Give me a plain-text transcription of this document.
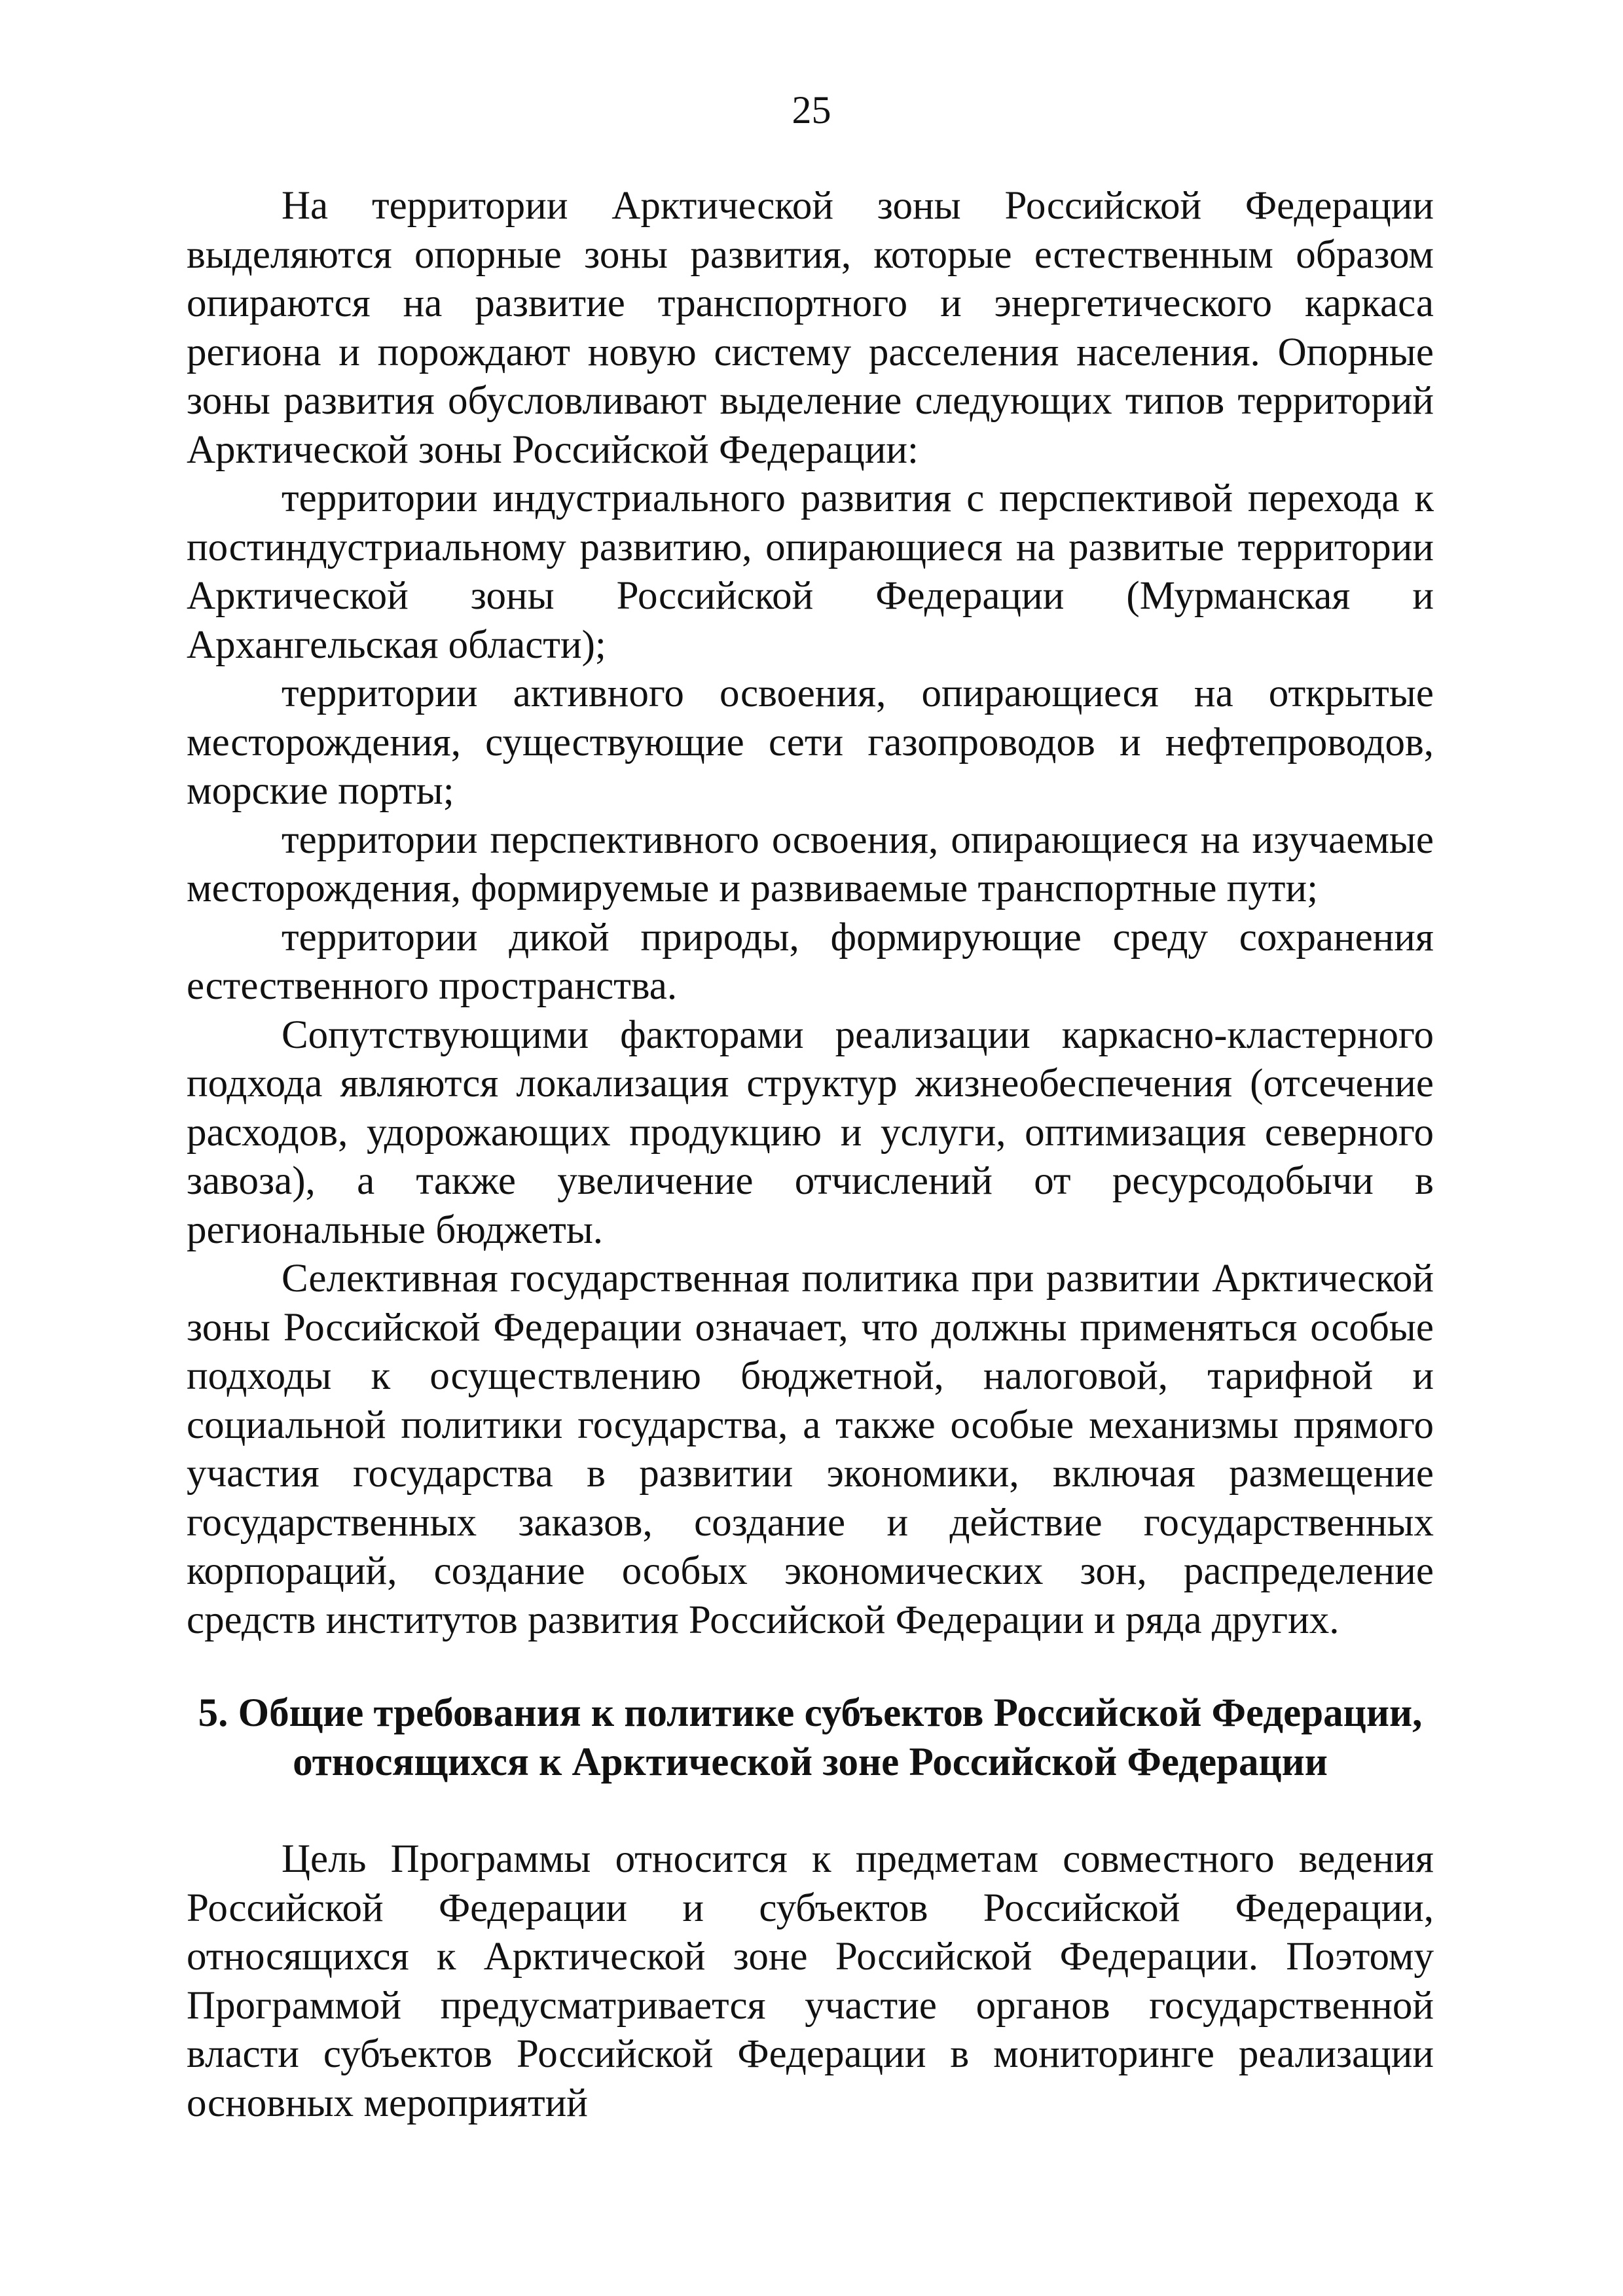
25

На территории Арктической зоны Российской Федерации выделяются опорные зоны развития, которые естественным образом опираются на развитие транспортного и энергетического каркаса региона и порождают новую систему расселения населения. Опорные зоны развития обусловливают выделение следующих типов территорий Арктической зоны Российской Федерации:

территории индустриального развития с перспективой перехода к постиндустриальному развитию, опирающиеся на развитые территории Арктической зоны Российской Федерации (Мурманская и Архангельская области);

территории активного освоения, опирающиеся на открытые месторождения, существующие сети газопроводов и нефтепроводов, морские порты;

территории перспективного освоения, опирающиеся на изучаемые месторождения, формируемые и развиваемые транспортные пути;

территории дикой природы, формирующие среду сохранения естественного пространства.

Сопутствующими факторами реализации каркасно-кластерного подхода являются локализация структур жизнеобеспечения (отсечение расходов, удорожающих продукцию и услуги, оптимизация северного завоза), а также увеличение отчислений от ресурсодобычи в региональные бюджеты.

Селективная государственная политика при развитии Арктической зоны Российской Федерации означает, что должны применяться особые подходы к осуществлению бюджетной, налоговой, тарифной и социальной политики государства, а также особые механизмы прямого участия государства в развитии экономики, включая размещение государственных заказов, создание и действие государственных корпораций, создание особых экономических зон, распределение средств институтов развития Российской Федерации и ряда других.

5. Общие требования к политике субъектов Российской Федерации,
относящихся к Арктической зоне Российской Федерации

Цель Программы относится к предметам совместного ведения Российской Федерации и субъектов Российской Федерации, относящихся к Арктической зоне Российской Федерации. Поэтому Программой предусматривается участие органов государственной власти субъектов Российской Федерации в мониторинге реализации основных мероприятий
